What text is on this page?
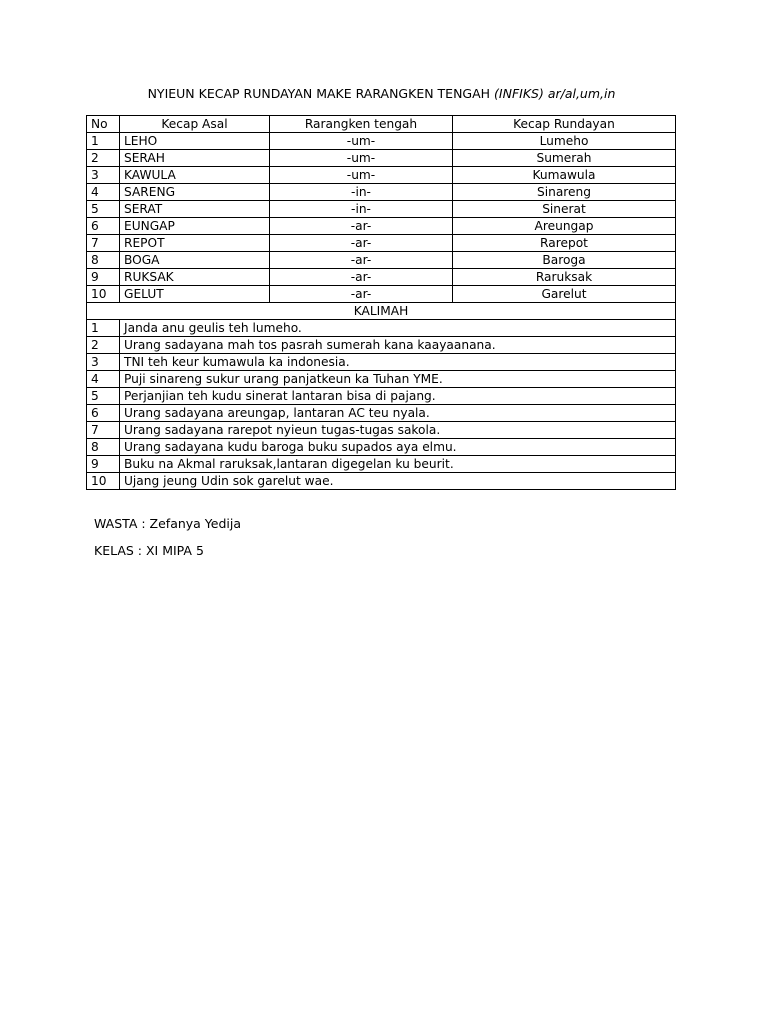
NYIEUN KECAP RUNDAYAN MAKE RARANGKEN TENGAH (INFIKS) ar/al,um,in
No	Kecap Asal	Rarangken tengah	Kecap Rundayan
1	LEHO	-um-	Lumeho
2	SERAH	-um-	Sumerah
3	KAWULA	-um-	Kumawula
4	SARENG	-in-	Sinareng
5	SERAT	-in-	Sinerat
6	EUNGAP	-ar-	Areungap
7	REPOT	-ar-	Rarepot
8	BOGA	-ar-	Baroga
9	RUKSAK	-ar-	Raruksak
10	GELUT	-ar-	Garelut
KALIMAH			
1	Janda anu geulis teh lumeho.		
2	Urang sadayana mah tos pasrah sumerah kana kaayaanana.		
3	TNI teh keur kumawula ka indonesia.		
4	Puji sinareng sukur urang panjatkeun ka Tuhan YME.		
5	Perjanjian teh kudu sinerat lantaran bisa di pajang.		
6	Urang sadayana areungap, lantaran AC teu nyala.		
7	Urang sadayana rarepot nyieun tugas-tugas sakola.		
8	Urang sadayana kudu baroga buku supados aya elmu.		
9	Buku na Akmal raruksak,lantaran digegelan ku beurit.		
10	Ujang jeung Udin sok garelut wae.		
WASTA : Zefanya Yedija
KELAS : XI MIPA 5
